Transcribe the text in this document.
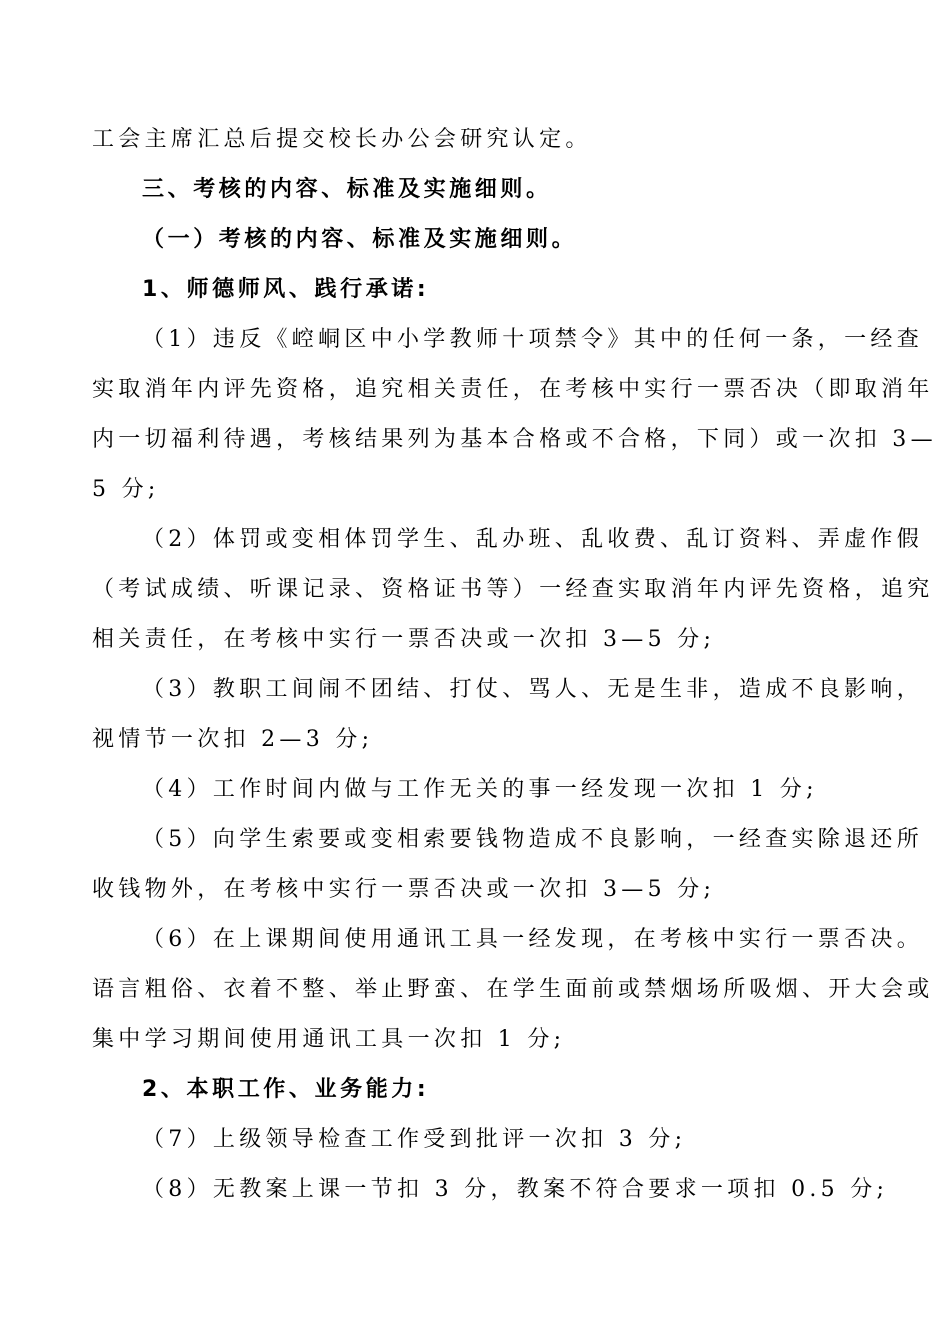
工会主席汇总后提交校长办公会研究认定。
三、考核的内容、标准及实施细则。
（一）考核的内容、标准及实施细则。
1、师德师风、践行承诺:
（1）违反《崆峒区中小学教师十项禁令》其中的任何一条，一经查
实取消年内评先资格，追究相关责任，在考核中实行一票否决（即取消年
内一切福利待遇，考核结果列为基本合格或不合格，下同）或一次扣 3—
5 分;
（2）体罚或变相体罚学生、乱办班、乱收费、乱订资料、弄虚作假
（考试成绩、听课记录、资格证书等）一经查实取消年内评先资格，追究
相关责任，在考核中实行一票否决或一次扣 3—5 分;
（3）教职工间闹不团结、打仗、骂人、无是生非，造成不良影响，
视情节一次扣 2—3 分;
（4）工作时间内做与工作无关的事一经发现一次扣 1 分;
（5）向学生索要或变相索要钱物造成不良影响，一经查实除退还所
收钱物外，在考核中实行一票否决或一次扣 3—5 分;
（6）在上课期间使用通讯工具一经发现，在考核中实行一票否决。
语言粗俗、衣着不整、举止野蛮、在学生面前或禁烟场所吸烟、开大会或
集中学习期间使用通讯工具一次扣 1 分;
2、本职工作、业务能力:
（7）上级领导检查工作受到批评一次扣 3 分;
（8）无教案上课一节扣 3 分，教案不符合要求一项扣 0.5 分;
